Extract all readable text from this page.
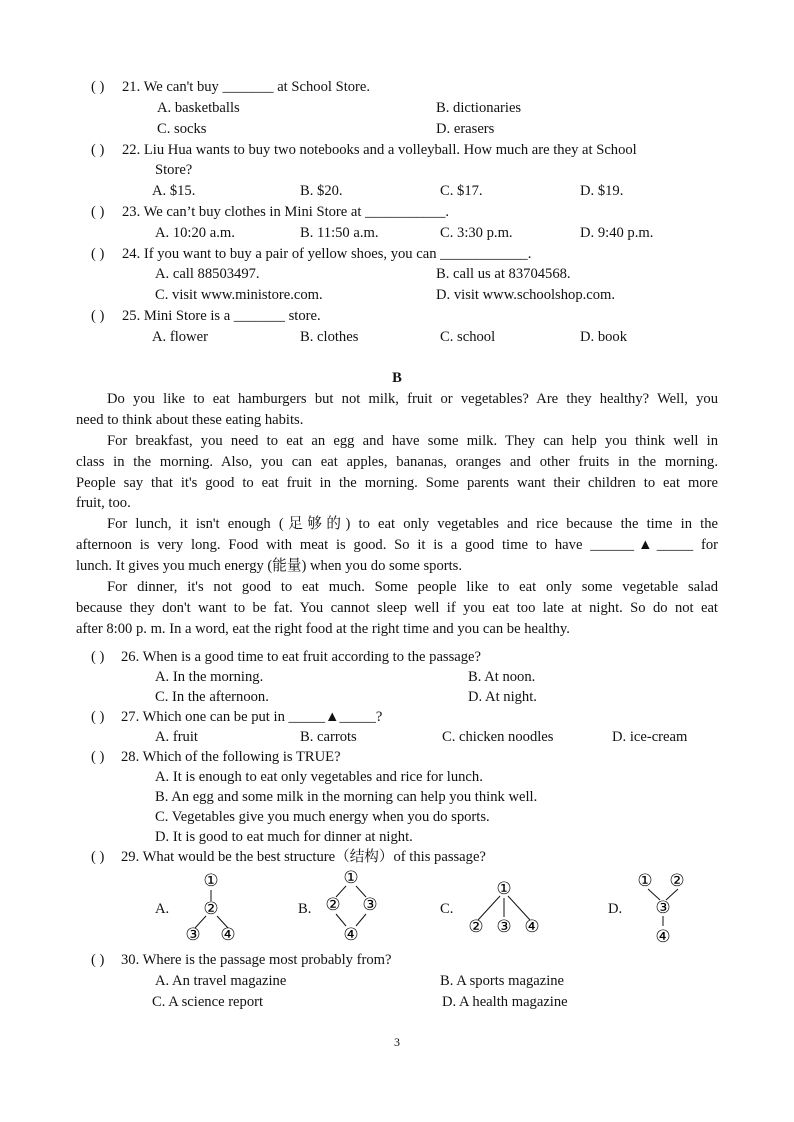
( ) 21. We can't buy _______ at School Store.
A. basketballs	B. dictionaries
C. socks	D. erasers
( ) 22. Liu Hua wants to buy two notebooks and a volleyball. How much are they at School
Store?
A. $15.	B. $20.	C. $17.	D. $19.
( ) 23. We can’t buy clothes in Mini Store at ___________.
A. 10:20 a.m.	B. 11:50 a.m.	C. 3:30 p.m.	D. 9:40 p.m.
( ) 24. If you want to buy a pair of yellow shoes, you can ____________.
A. call 88503497.	B. call us at 83704568.
C. visit www.ministore.com.	D. visit www.schoolshop.com.
( ) 25. Mini Store is a _______ store.
A. flower	B. clothes	C. school	D. book
B
Do you like to eat hamburgers but not milk, fruit or vegetables? Are they healthy? Well, you
need to think about these eating habits.
For breakfast, you need to eat an egg and have some milk. They can help you think well in
class in the morning. Also, you can eat apples, bananas, oranges and other fruits in the morning.
People say that it's good to eat fruit in the morning. Some parents want their children to eat more
fruit, too.
For lunch, it isn't enough (足够的) to eat only vegetables and rice because the time in the
afternoon is very long. Food with meat is good. So it is a good time to have ______▲_____ for
lunch. It gives you much energy (能量) when you do some sports.
For dinner, it's not good to eat much. Some people like to eat only some vegetable salad
because they don't want to be fat. You cannot sleep well if you eat too late at night. So do not eat
after 8:00 p. m. In a word, eat the right food at the right time and you can be healthy.
( ) 26. When is a good time to eat fruit according to the passage?
A. In the morning.	B. At noon.
C. In the afternoon.	D. At night.
( ) 27. Which one can be put in _____▲_____?
A. fruit	B. carrots	C. chicken noodles	D. ice-cream
( ) 28. Which of the following is TRUE?
A. It is enough to eat only vegetables and rice for lunch.
B. An egg and some milk in the morning can help you think well.
C. Vegetables give you much energy when you do sports.
D. It is good to eat much for dinner at night.
( ) 29. What would be the best structure（结构）of this passage?
A.
①
②
③ ④
B.
①
② ③
④
C.
①
② ③ ④
D.
① ②
③
④
( ) 30. Where is the passage most probably from?
A. An travel magazine	B. A sports magazine
C. A science report	D. A health magazine
3
